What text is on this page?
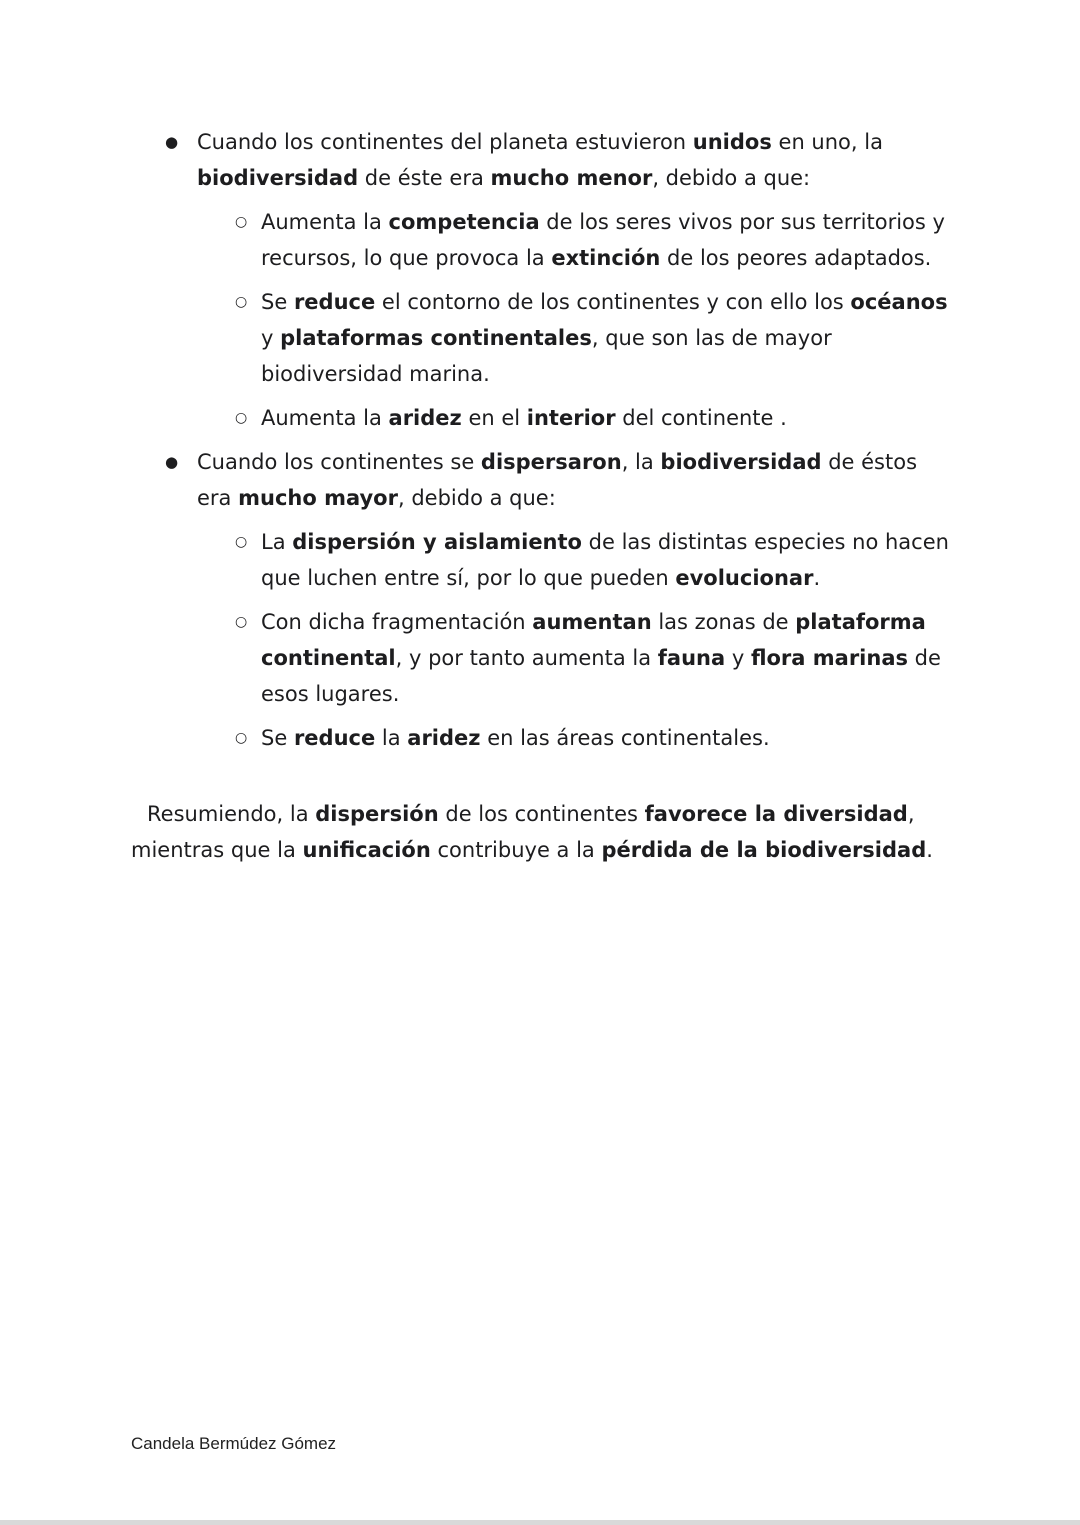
● Cuando los continentes del planeta estuvieron unidos en uno, la biodiversidad de éste era mucho menor, debido a que:
○ Aumenta la competencia de los seres vivos por sus territorios y recursos, lo que provoca la extinción de los peores adaptados.
○ Se reduce el contorno de los continentes y con ello los océanos y plataformas continentales, que son las de mayor biodiversidad marina.
○ Aumenta la aridez en el interior del continente .
● Cuando los continentes se dispersaron, la biodiversidad de éstos era mucho mayor, debido a que:
○ La dispersión y aislamiento de las distintas especies no hacen que luchen entre sí, por lo que pueden evolucionar.
○ Con dicha fragmentación aumentan las zonas de plataforma continental, y por tanto aumenta la fauna y flora marinas de esos lugares.
○ Se reduce la aridez en las áreas continentales.

Resumiendo, la dispersión de los continentes favorece la diversidad, mientras que la unificación contribuye a la pérdida de la biodiversidad.

Candela Bermúdez Gómez
